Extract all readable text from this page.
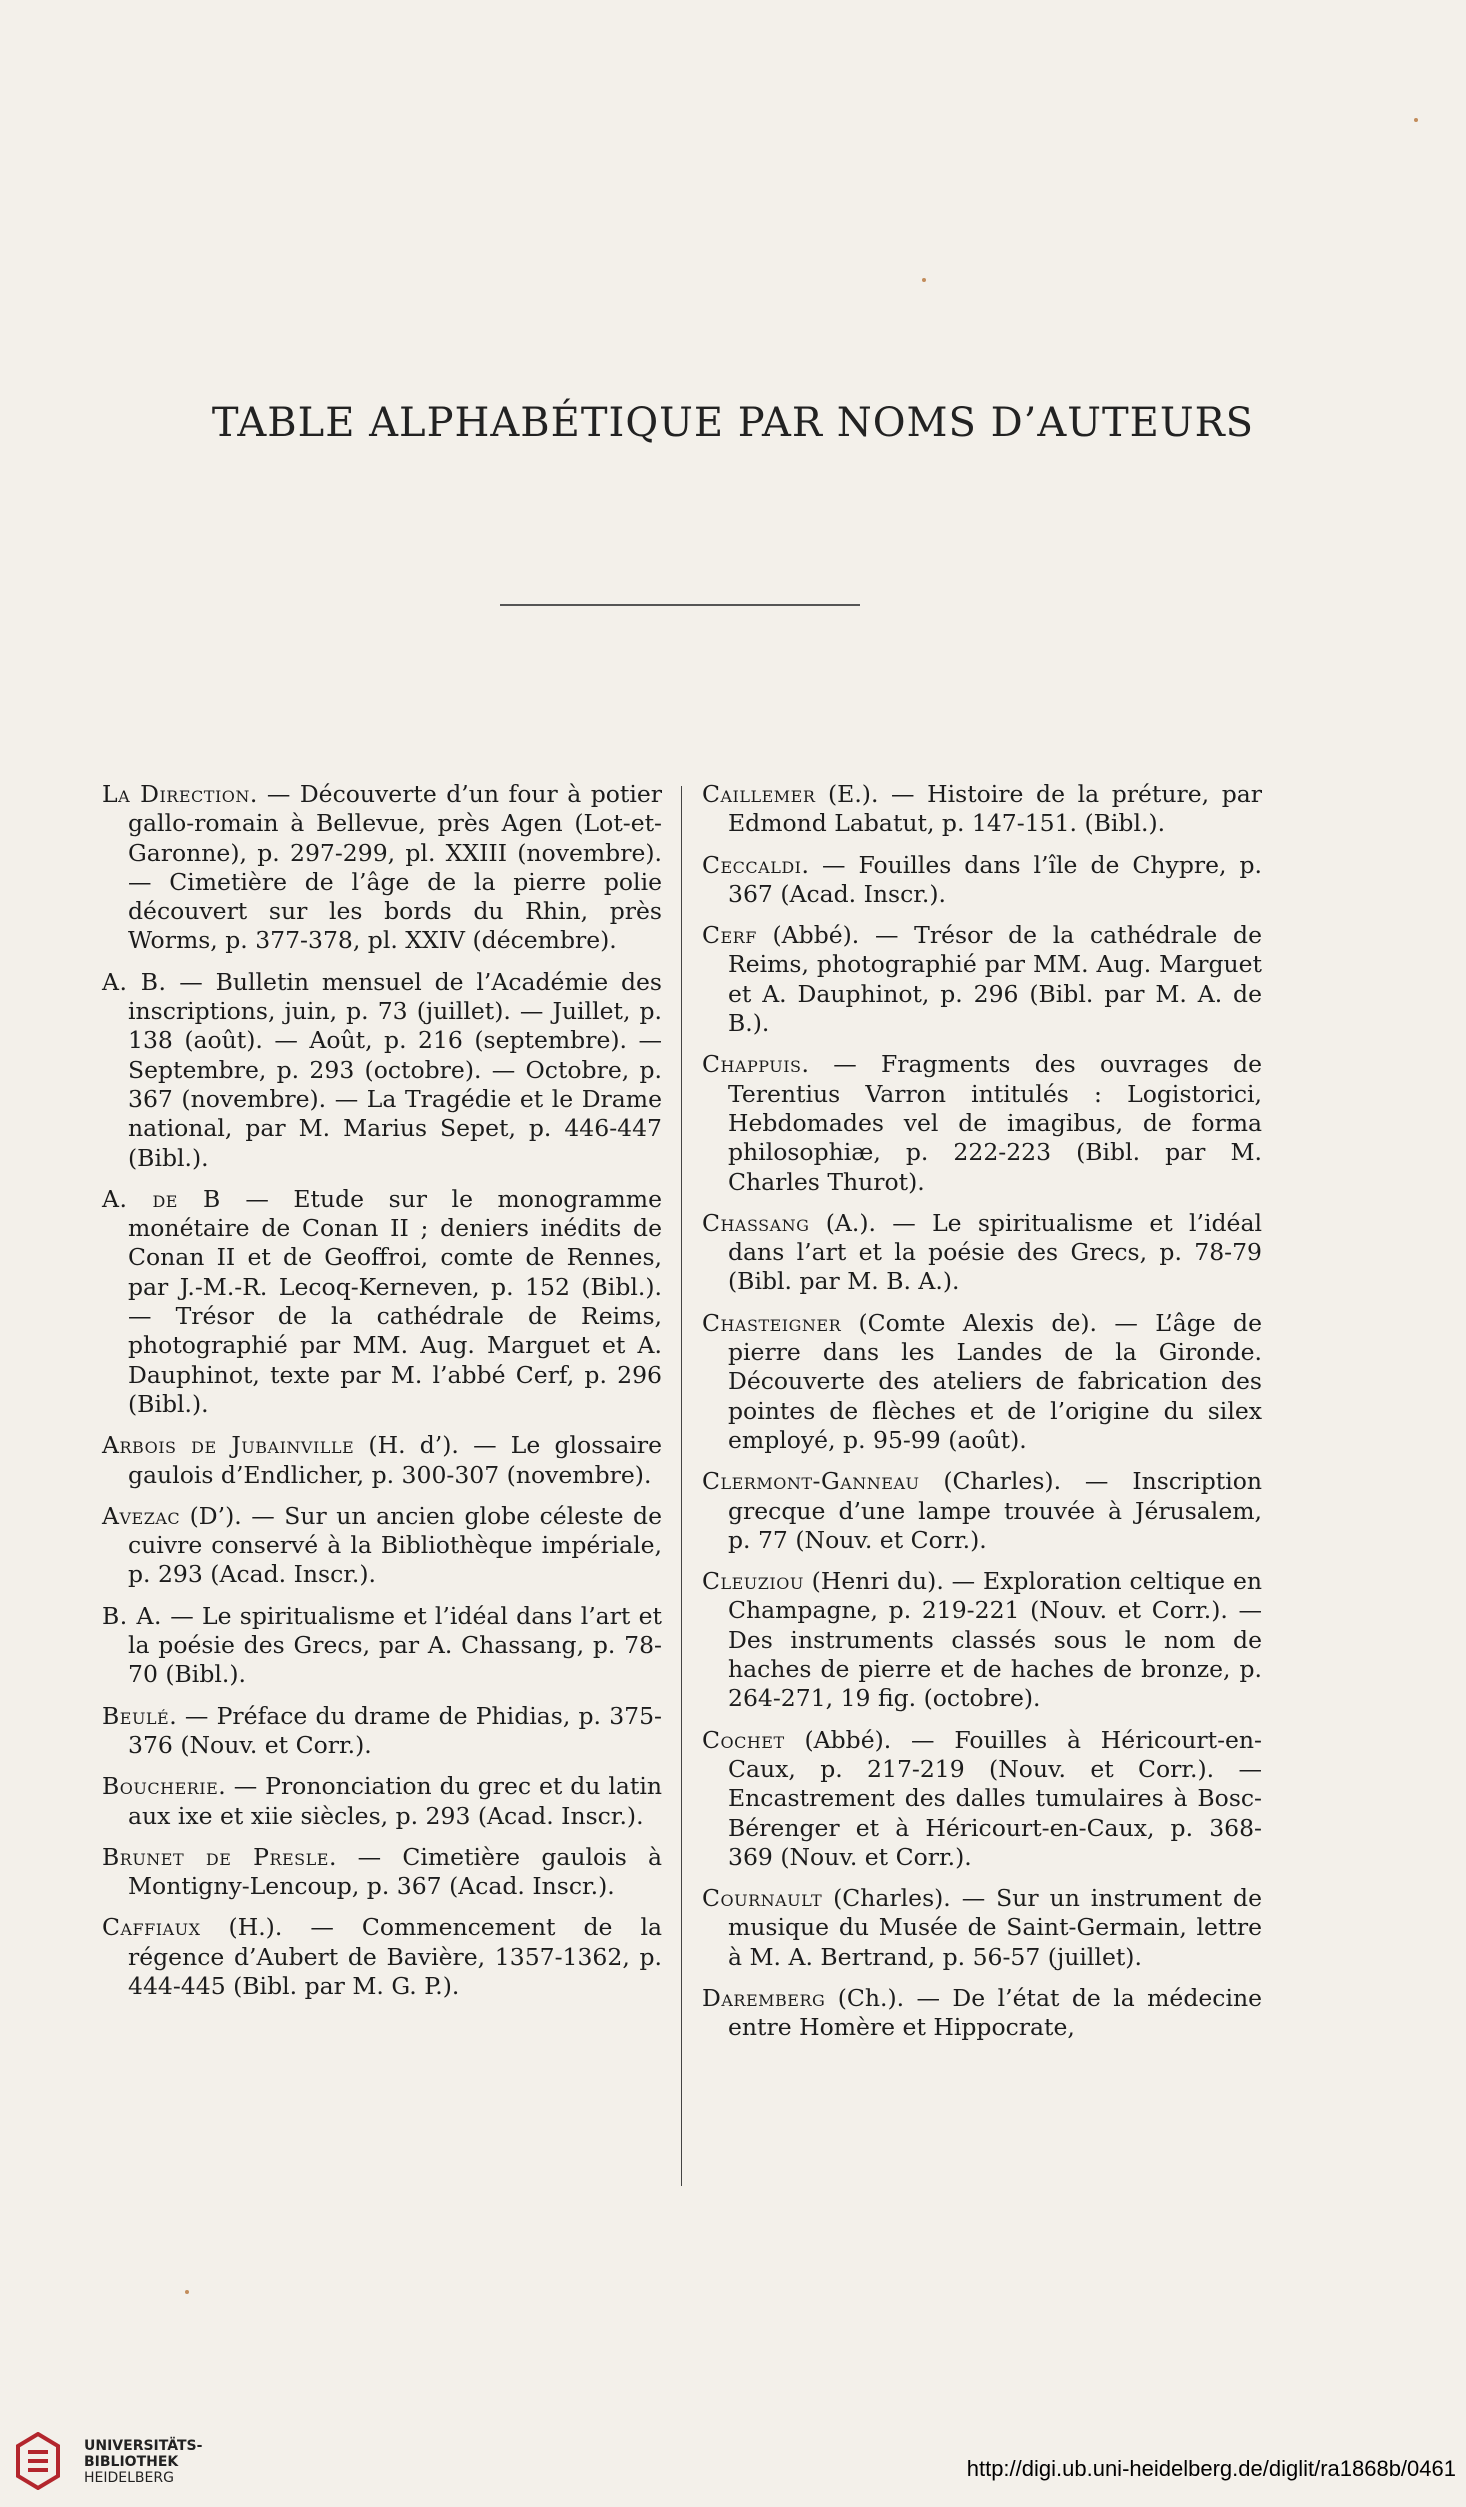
TABLE ALPHABÉTIQUE PAR NOMS D’AUTEURS

La Direction. — Découverte d’un four à potier gallo-romain à Bellevue, près Agen (Lot-et-Garonne), p. 297-299, pl. XXIII (novembre). — Cimetière de l’âge de la pierre polie découvert sur les bords du Rhin, près Worms, p. 377-378, pl. XXIV (décembre).

A. B. — Bulletin mensuel de l’Académie des inscriptions, juin, p. 73 (juillet). — Juillet, p. 138 (août). — Août, p. 216 (septembre). — Septembre, p. 293 (octobre). — Octobre, p. 367 (novembre). — La Tragédie et le Drame national, par M. Marius Sepet, p. 446-447 (Bibl.).

A. de B — Etude sur le monogramme monétaire de Conan II ; deniers inédits de Conan II et de Geoffroi, comte de Rennes, par J.-M.-R. Lecoq-Kerneven, p. 152 (Bibl.). — Trésor de la cathédrale de Reims, photographié par MM. Aug. Marguet et A. Dauphinot, texte par M. l’abbé Cerf, p. 296 (Bibl.).

Arbois de Jubainville (H. d’). — Le glossaire gaulois d’Endlicher, p. 300-307 (novembre).

Avezac (D’). — Sur un ancien globe céleste de cuivre conservé à la Bibliothèque impériale, p. 293 (Acad. Inscr.).

B. A. — Le spiritualisme et l’idéal dans l’art et la poésie des Grecs, par A. Chassang, p. 78-70 (Bibl.).

Beulé. — Préface du drame de Phidias, p. 375-376 (Nouv. et Corr.).

Boucherie. — Prononciation du grec et du latin aux ixe et xiie siècles, p. 293 (Acad. Inscr.).

Brunet de Presle. — Cimetière gaulois à Montigny-Lencoup, p. 367 (Acad. Inscr.).

Caffiaux (H.). — Commencement de la régence d’Aubert de Bavière, 1357-1362, p. 444-445 (Bibl. par M. G. P.).

Caillemer (E.). — Histoire de la préture, par Edmond Labatut, p. 147-151. (Bibl.).

Ceccaldi. — Fouilles dans l’île de Chypre, p. 367 (Acad. Inscr.).

Cerf (Abbé). — Trésor de la cathédrale de Reims, photographié par MM. Aug. Marguet et A. Dauphinot, p. 296 (Bibl. par M. A. de B.).

Chappuis. — Fragments des ouvrages de Terentius Varron intitulés : Logistorici, Hebdomades vel de imagibus, de forma philosophiæ, p. 222-223 (Bibl. par M. Charles Thurot).

Chassang (A.). — Le spiritualisme et l’idéal dans l’art et la poésie des Grecs, p. 78-79 (Bibl. par M. B. A.).

Chasteigner (Comte Alexis de). — L’âge de pierre dans les Landes de la Gironde. Découverte des ateliers de fabrication des pointes de flèches et de l’origine du silex employé, p. 95-99 (août).

Clermont-Ganneau (Charles). — Inscription grecque d’une lampe trouvée à Jérusalem, p. 77 (Nouv. et Corr.).

Cleuziou (Henri du). — Exploration celtique en Champagne, p. 219-221 (Nouv. et Corr.). — Des instruments classés sous le nom de haches de pierre et de haches de bronze, p. 264-271, 19 fig. (octobre).

Cochet (Abbé). — Fouilles à Héricourt-en-Caux, p. 217-219 (Nouv. et Corr.). — Encastrement des dalles tumulaires à Bosc-Bérenger et à Héricourt-en-Caux, p. 368-369 (Nouv. et Corr.).

Cournault (Charles). — Sur un instrument de musique du Musée de Saint-Germain, lettre à M. A. Bertrand, p. 56-57 (juillet).

Daremberg (Ch.). — De l’état de la médecine entre Homère et Hippocrate,

UNIVERSITÄTS-
BIBLIOTHEK
HEIDELBERG	http://digi.ub.uni-heidelberg.de/diglit/ra1868b/0461
